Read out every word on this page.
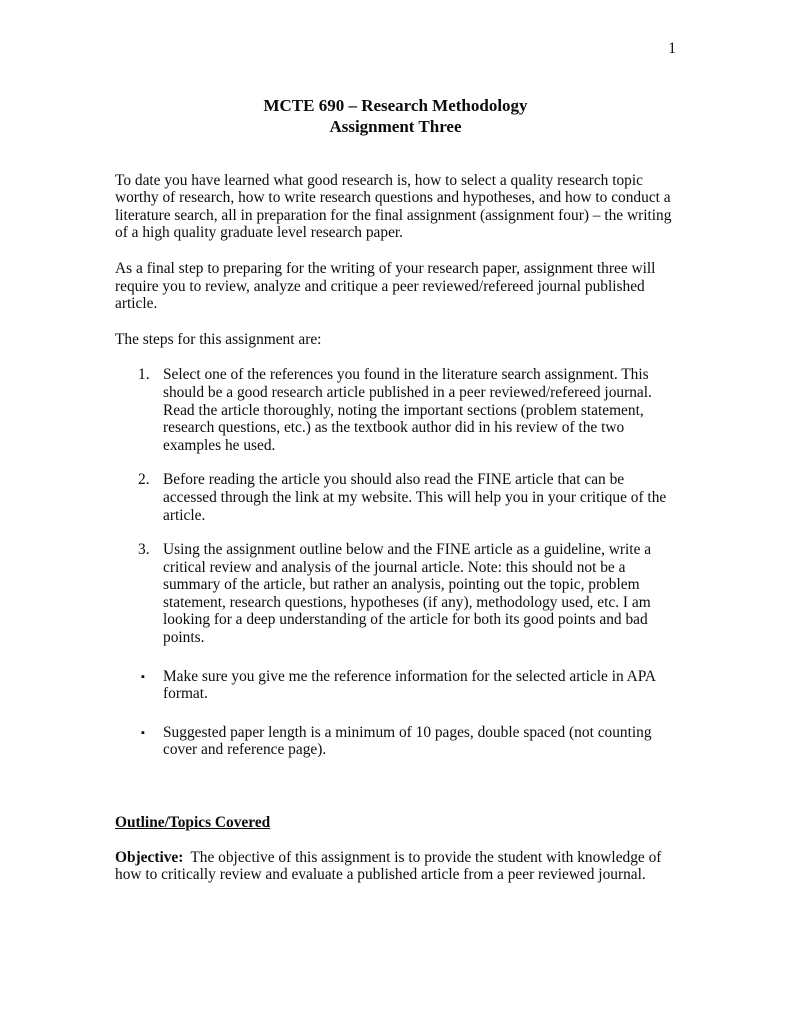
1
MCTE 690 – Research Methodology
Assignment Three
To date you have learned what good research is, how to select a quality research topic worthy of research, how to write research questions and hypotheses, and how to conduct a literature search, all in preparation for the final assignment (assignment four) – the writing of a high quality graduate level research paper.
As a final step to preparing for the writing of your research paper, assignment three will require you to review, analyze and critique a peer reviewed/refereed journal published article.
The steps for this assignment are:
1. Select one of the references you found in the literature search assignment. This should be a good research article published in a peer reviewed/refereed journal. Read the article thoroughly, noting the important sections (problem statement, research questions, etc.) as the textbook author did in his review of the two examples he used.
2. Before reading the article you should also read the FINE article that can be accessed through the link at my website. This will help you in your critique of the article.
3. Using the assignment outline below and the FINE article as a guideline, write a critical review and analysis of the journal article. Note: this should not be a summary of the article, but rather an analysis, pointing out the topic, problem statement, research questions, hypotheses (if any), methodology used, etc. I am looking for a deep understanding of the article for both its good points and bad points.
▪ Make sure you give me the reference information for the selected article in APA format.
▪ Suggested paper length is a minimum of 10 pages, double spaced (not counting cover and reference page).
Outline/Topics Covered
Objective: The objective of this assignment is to provide the student with knowledge of how to critically review and evaluate a published article from a peer reviewed journal.
